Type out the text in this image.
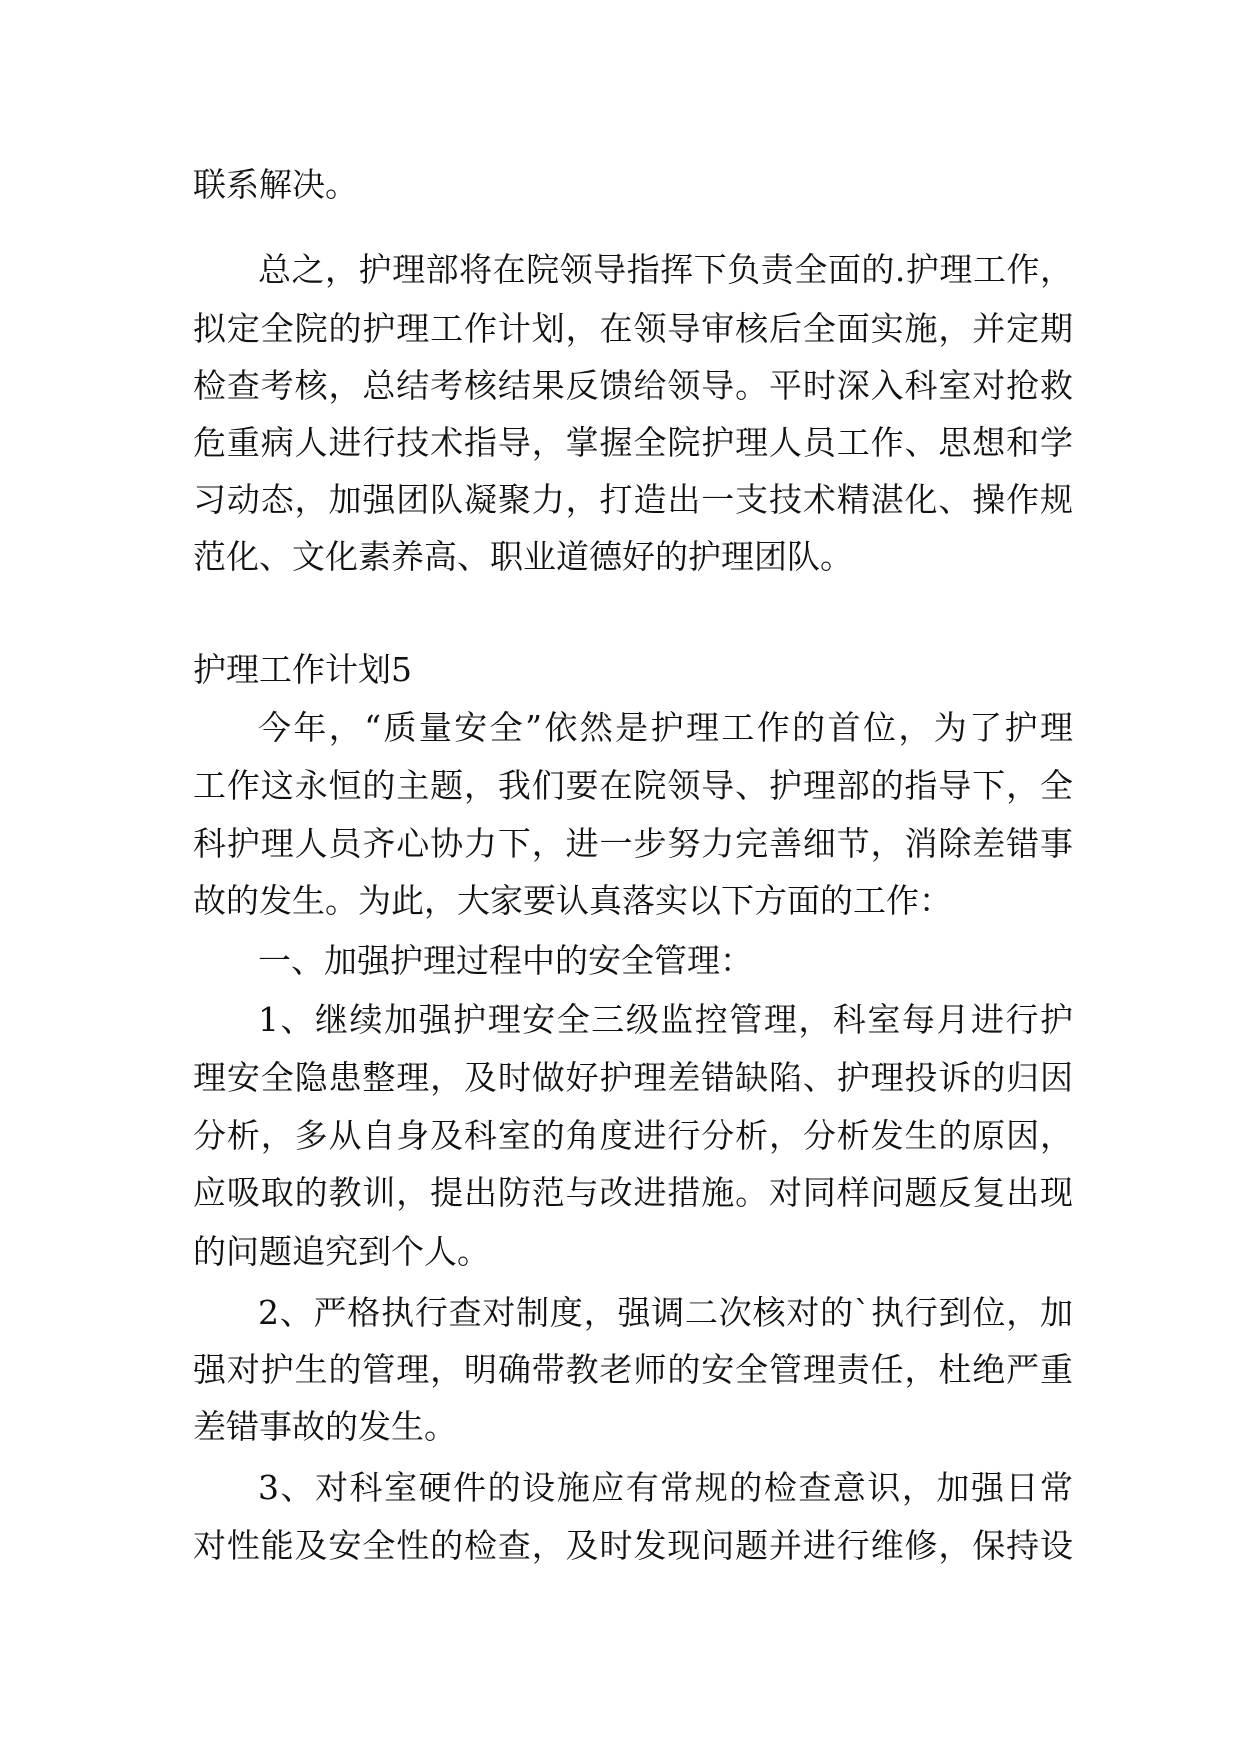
联系解决。
总之，护理部将在院领导指挥下负责全面的.护理工作，
拟定全院的护理工作计划，在领导审核后全面实施，并定期
检查考核，总结考核结果反馈给领导。平时深入科室对抢救
危重病人进行技术指导，掌握全院护理人员工作、思想和学
习动态，加强团队凝聚力，打造出一支技术精湛化、操作规
范化、文化素养高、职业道德好的护理团队。
护理工作计划5
今年，“质量安全”依然是护理工作的首位，为了护理
工作这永恒的主题，我们要在院领导、护理部的指导下，全
科护理人员齐心协力下，进一步努力完善细节，消除差错事
故的发生。为此，大家要认真落实以下方面的工作：
一、加强护理过程中的安全管理：
1、继续加强护理安全三级监控管理，科室每月进行护
理安全隐患整理，及时做好护理差错缺陷、护理投诉的归因
分析，多从自身及科室的角度进行分析，分析发生的原因，
应吸取的教训，提出防范与改进措施。对同样问题反复出现
的问题追究到个人。
2、严格执行查对制度，强调二次核对的`执行到位，加
强对护生的管理，明确带教老师的安全管理责任，杜绝严重
差错事故的发生。
3、对科室硬件的设施应有常规的检查意识，加强日常
对性能及安全性的检查，及时发现问题并进行维修，保持设
